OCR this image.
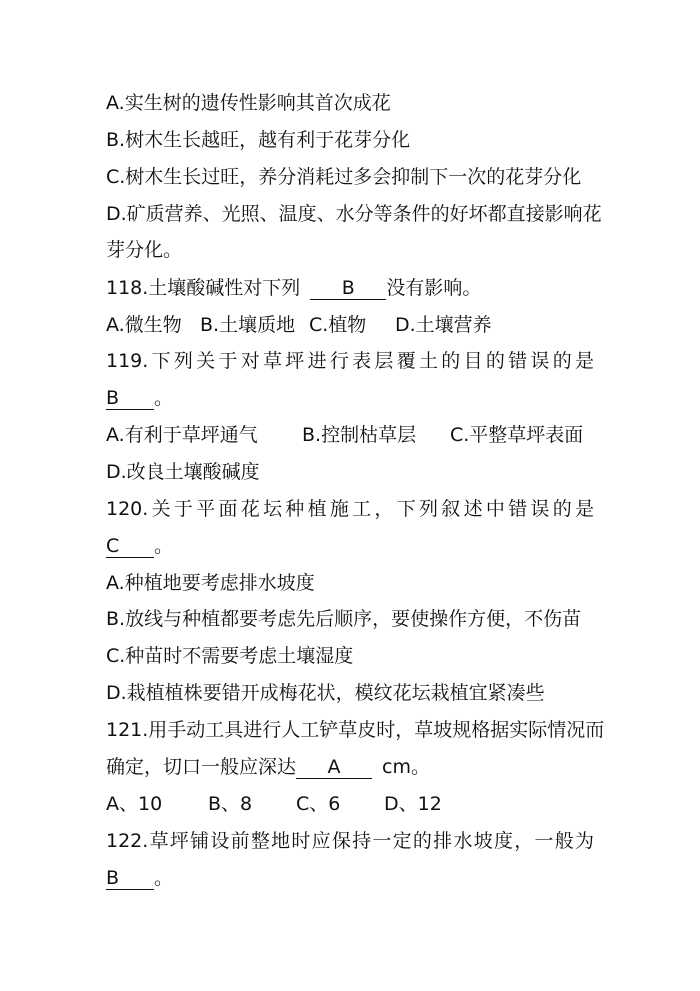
A.实生树的遗传性影响其首次成花
B.树木生长越旺，越有利于花芽分化
C.树木生长过旺，养分消耗过多会抑制下一次的花芽分化
D.矿质营养、光照、温度、水分等条件的好坏都直接影响花
芽分化。
118.土壤酸碱性对下列 B 没有影响。
A.微生物 B.土壤质地 C.植物 D.土壤营养
119.下列关于对草坪进行表层覆土的目的错误的是
B 。
A.有利于草坪通气 B.控制枯草层 C.平整草坪表面
D.改良土壤酸碱度
120.关于平面花坛种植施工，下列叙述中错误的是
C 。
A.种植地要考虑排水坡度
B.放线与种植都要考虑先后顺序，要使操作方便，不伤苗
C.种苗时不需要考虑土壤湿度
D.栽植植株要错开成梅花状，模纹花坛栽植宜紧凑些
121.用手动工具进行人工铲草皮时，草坡规格据实际情况而
确定，切口一般应深达 A cm。
A、10 B、8 C、6 D、12
122.草坪铺设前整地时应保持一定的排水坡度，一般为
B 。
